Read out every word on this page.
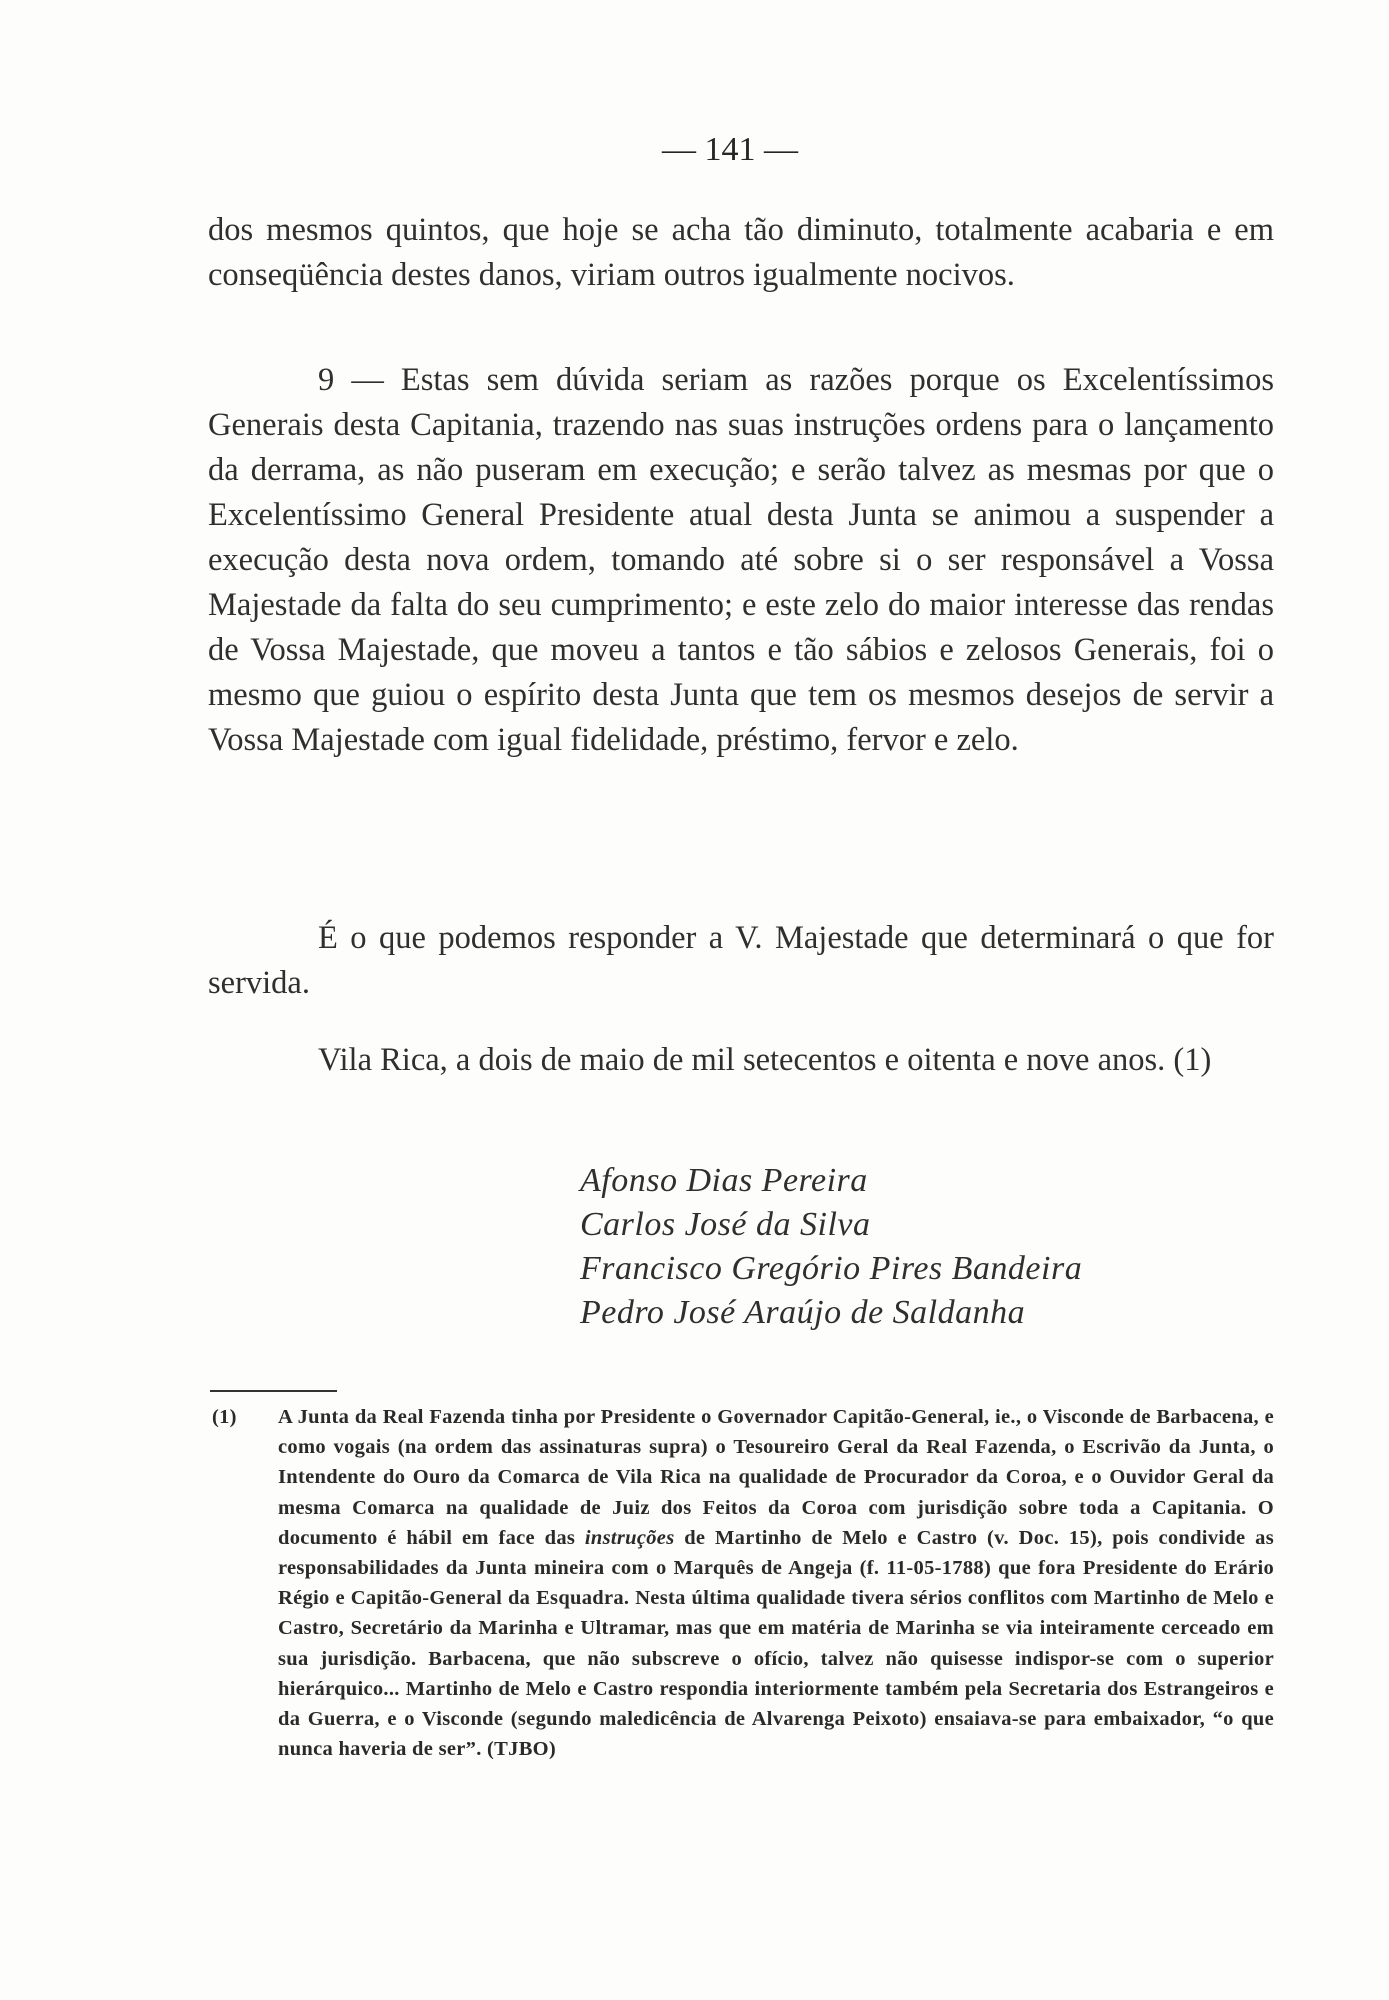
— 141 —

dos mesmos quintos, que hoje se acha tão diminuto, totalmente acabaria e em conseqüência destes danos, viriam outros igualmente nocivos.

9 — Estas sem dúvida seriam as razões porque os Excelentíssimos Generais desta Capitania, trazendo nas suas instruções ordens para o lançamento da derrama, as não puseram em execução; e serão talvez as mesmas por que o Excelentíssimo General Presidente atual desta Junta se animou a suspender a execução desta nova ordem, tomando até sobre si o ser responsável a Vossa Majestade da falta do seu cumprimento; e este zelo do maior interesse das rendas de Vossa Majestade, que moveu a tantos e tão sábios e zelosos Generais, foi o mesmo que guiou o espírito desta Junta que tem os mesmos desejos de servir a Vossa Majestade com igual fidelidade, préstimo, fervor e zelo.

É o que podemos responder a V. Majestade que determinará o que for servida.

Vila Rica, a dois de maio de mil setecentos e oitenta e nove anos. (1)

Afonso Dias Pereira
Carlos José da Silva
Francisco Gregório Pires Bandeira
Pedro José Araújo de Saldanha
(1) A Junta da Real Fazenda tinha por Presidente o Governador Capitão-General, ie., o Visconde de Barbacena, e como vogais (na ordem das assinaturas supra) o Tesoureiro Geral da Real Fazenda, o Escrivão da Junta, o Intendente do Ouro da Comarca de Vila Rica na qualidade de Procurador da Coroa, e o Ouvidor Geral da mesma Comarca na qualidade de Juiz dos Feitos da Coroa com jurisdição sobre toda a Capitania. O documento é hábil em face das instruções de Martinho de Melo e Castro (v. Doc. 15), pois condivide as responsabilidades da Junta mineira com o Marquês de Angeja (f. 11-05-1788) que fora Presidente do Erário Régio e Capitão-General da Esquadra. Nesta última qualidade tivera sérios conflitos com Martinho de Melo e Castro, Secretário da Marinha e Ultramar, mas que em matéria de Marinha se via inteiramente cerceado em sua jurisdição. Barbacena, que não subscreve o ofício, talvez não quisesse indispor-se com o superior hierárquico... Martinho de Melo e Castro respondia interiormente também pela Secretaria dos Estrangeiros e da Guerra, e o Visconde (segundo maledicência de Alvarenga Peixoto) ensaiava-se para embaixador, “o que nunca haveria de ser”. (TJBO)
